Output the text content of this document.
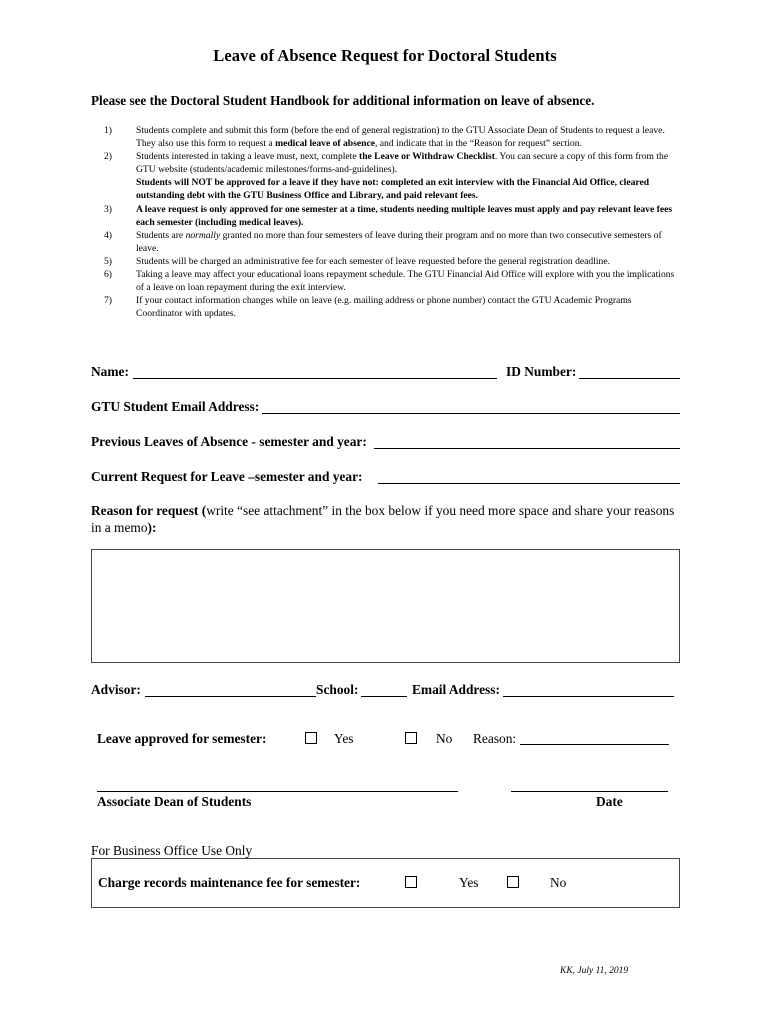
Leave of Absence Request for Doctoral Students
Please see the Doctoral Student Handbook for additional information on leave of absence.
1)	Students complete and submit this form (before the end of general registration) to the GTU Associate Dean of Students to request a leave. They also use this form to request a medical leave of absence, and indicate that in the “Reason for request” section.
2)	Students interested in taking a leave must, next, complete the Leave or Withdraw Checklist. You can secure a copy of this form from the GTU website (students/academic milestones/forms-and-guidelines).
Students will NOT be approved for a leave if they have not: completed an exit interview with the Financial Aid Office, cleared outstanding debt with the GTU Business Office and Library, and paid relevant fees.
3)	A leave request is only approved for one semester at a time, students needing multiple leaves must apply and pay relevant leave fees each semester (including medical leaves).
4)	Students are normally granted no more than four semesters of leave during their program and no more than two consecutive semesters of leave.
5)	Students will be charged an administrative fee for each semester of leave requested before the general registration deadline.
6)	Taking a leave may affect your educational loans repayment schedule. The GTU Financial Aid Office will explore with you the implications of a leave on loan repayment during the exit interview.
7)	If your contact information changes while on leave (e.g. mailing address or phone number) contact the GTU Academic Programs Coordinator with updates.
Name:	ID Number:
GTU Student Email Address:
Previous Leaves of Absence - semester and year:
Current Request for Leave –semester and year:
Reason for request (write “see attachment” in the box below if you need more space and share your reasons in a memo):
Advisor:	School:	Email Address:
Leave approved for semester:	Yes	No Reason:
Associate Dean of Students	Date
For Business Office Use Only
Charge records maintenance fee for semester:	Yes	No
KK, July 11, 2019
